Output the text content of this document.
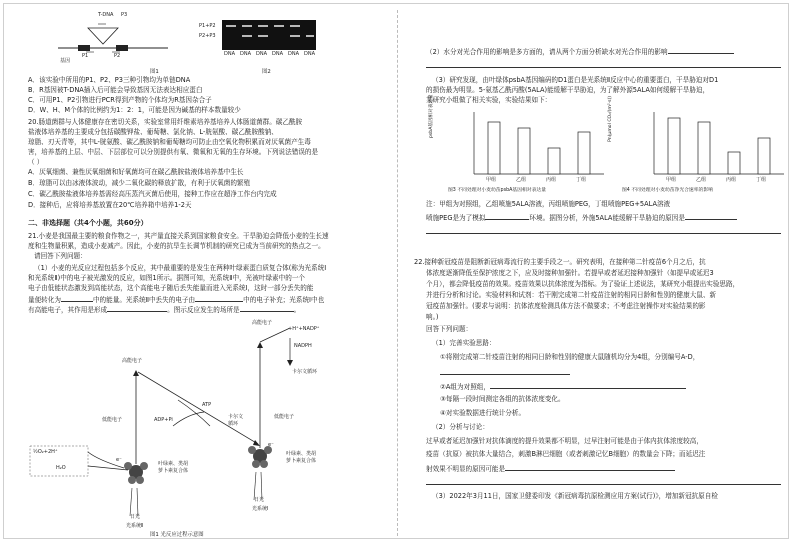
T-DNA P3
P1	P2
基因
图1
P1+P2
P2+P3
DNA DNA DNA DNA DNA DNA
图2
A．该实验中所用的P1、P2、P3三种引物均为单链DNA
B．R基因被T-DNA插入后可能会导致基因无法表达相应蛋白
C．可用P1、P2引物进行PCR得到产物的个体均为R基因杂合子
D．W、H、M个体的比例约为1：2：1，可能是因为碱基的样本数量较少
20.肠道菌群与人体健康存在密切关系，实验室常用纤维素培养基培养人体肠道菌群。碳乙酰胺
盐液体培养基的主要成分包括碳酸钾盐、葡萄糖、氯化钠、L-胱氨酸、碳乙酰胺酸钠、
琼脂、刃天青等，其中L-胱氨酸、碳乙酰胺钠和葡萄糖均可防止由空氧化物积累而对厌氧菌产生毒
害，培养基的上层、中层、下层部位可以分别提供有氧、微氧和无氧的生存环境。下列说法错误的是
（ ）
A．厌氧细菌、兼性厌氧细菌和好氧菌均可在碳乙酰胺盐液体培养基中生长
B．琼脂可以由冰液体波动，减少二氧化碳的释放扩散，有利于厌氧菌的繁殖
C．碳乙酰胺盐液体培养基需经高压蒸汽灭菌后使用，接种工作应在超净工作台内完成
D．接种后，应将培养基放置在20℃培养箱中培养1-2天
二、非选择题（共4个小题，共60分）
21.小麦是我国最主要的粮食作物之一，其产量直接关系到国家粮食安全。干旱胁迫会降低小麦的生长速
度和生物量积累，造成小麦减产。因此，小麦的抗旱生长调节机制的研究已成为当前研究的热点之一。
请回答下列问题：
（1）小麦的光反应过程包括多个反应，其中最重要的是发生在两种叶绿素蛋白质复合体(称为光系统Ⅰ
和光系统Ⅱ)中的电子被光激发的反应，如图1所示。据图可知，光系统Ⅱ中，光被叶绿素中的一个
电子由低能状态激发到高能状态，这个高能电子随后丢失能量而进入光系统Ⅰ，这时一部分丢失的能
量便转化为	中的能量。光系统Ⅱ中丢失的电子由	中的电子补充；光系统Ⅰ中也
有高能电子，其作用是形成	。图示反应发生的场所是	。
高能电子
+H⁺+NADP⁺
NADPH
卡尔文循环
高能电子
ATP
ADP+Pi	卡尔文
循环
低能电子	低能电子
½O₂+2H⁺
H₂O
e⁻
e⁻
叶绿素、类胡
萝卜素复合体
叶绿素、类胡
萝卜素复合体
日光
日光
光系统Ⅱ
光系统Ⅰ
图1 光反应过程示意图
（2）水分对光合作用的影响是多方面的，请从两个方面分析缺水对光合作用的影响
（3）研究发现，由叶绿体psbA基因编码的D1蛋白是光系统Ⅱ反应中心的重要蛋白，干旱胁迫对D1
的损伤最为明显。5-氨基乙酰丙酸(5ALA)能缓解干旱胁迫，为了解外源5ALA如何缓解干旱胁迫，
某研究小组做了相关实验，实验结果如下：
psbA基因相对表达量
甲组	乙组	丙组	丁组
图3 不同处理对小麦幼苗psbA基因相对表达量
Pn(μmol CO₂/(m²·s))
甲组	乙组	丙组	丁组
图4 不同处理对小麦幼苗净光合速率的影响
注：甲组为对照组，乙组喷施5ALA溶液，丙组喷施PEG，丁组喷施PEG+5ALA溶液
喷施PEG是为了模拟	环境。据图分析，外施5ALA能缓解干旱胁迫的原因是
22.接种新冠疫苗是阻断新冠病毒流行的主要手段之一。研究表明，在接种第二针疫苗6个月之后，抗
体浓度逐渐降低至保护浓度之下，应及时接种加强针。若提早或者延迟接种加强针（如提早或延迟3
个月），都会降低疫苗的效果。疫苗效果以抗体浓度为指标。为了验证上述说法，某研究小组提出实验思路，
并进行分析和讨论。实验材料和试剂：若干刚完成第二针疫苗注射的相同日龄和性别的健康大鼠、新
冠疫苗加强针。(要求与说明：抗体浓度检测具体方法不做要求；不考虑注射操作对实验结果的影
响。)
回答下列问题：
（1）完善实验思路：
①将刚完成第二针疫苗注射的相同日龄和性别的健康大鼠随机均分为4组，分别编号A-D，
②A组为对照组，
③每隔一段时间测定各组的抗体浓度变化。
④对实验数据进行统计分析。
（2）分析与讨论：
过早或者延迟加强针对抗体滴度的提升效果都不明显，过早注射可能是由于体内抗体浓度较高，
疫苗（抗原）被抗体大量结合，刺激B淋巴细胞（或者刺激记忆B细胞）的数量会下降；而延迟注
射效果不明显的原因可能是
（3）2022年3月11日，国家卫健委印发《新冠病毒抗原检测应用方案(试行)》，增加新冠抗原自检
